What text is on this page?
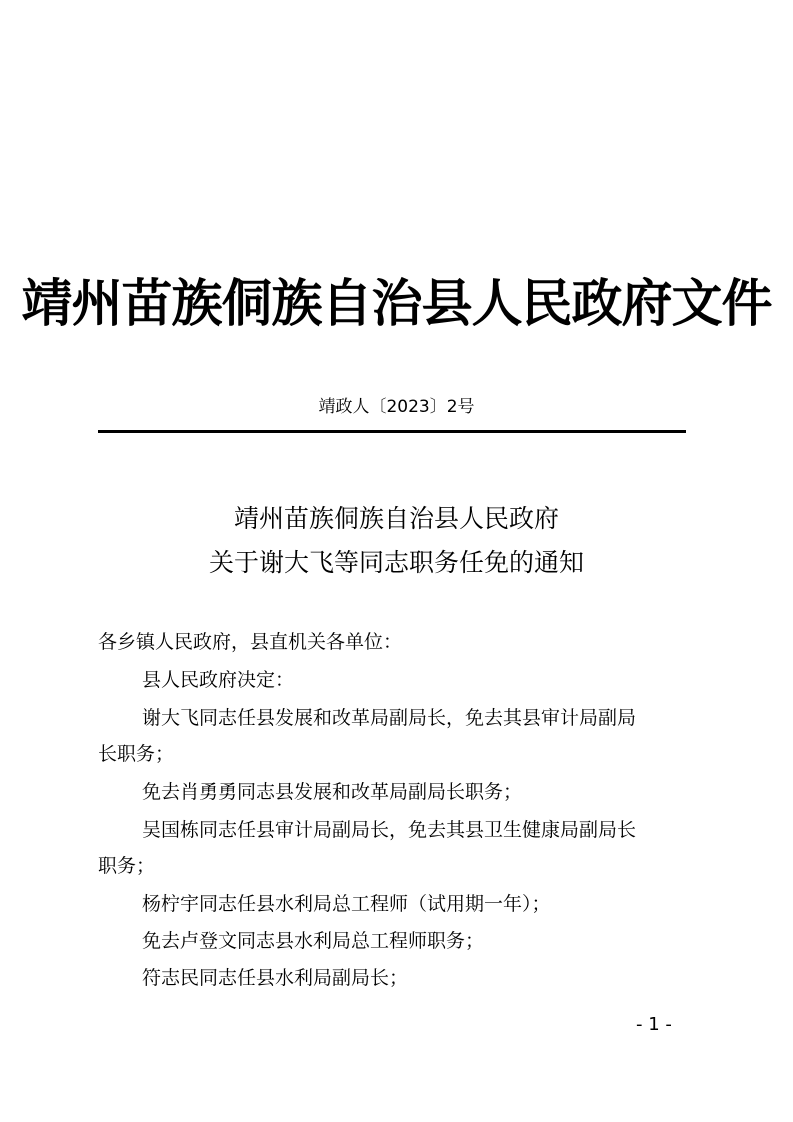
靖州苗族侗族自治县人民政府文件
靖政人〔2023〕2号
靖州苗族侗族自治县人民政府
关于谢大飞等同志职务任免的通知
各乡镇人民政府，县直机关各单位：
县人民政府决定：
谢大飞同志任县发展和改革局副局长，免去其县审计局副局
长职务；
免去肖勇勇同志县发展和改革局副局长职务；
吴国栋同志任县审计局副局长，免去其县卫生健康局副局长
职务；
杨柠宇同志任县水利局总工程师（试用期一年）；
免去卢登文同志县水利局总工程师职务；
符志民同志任县水利局副局长；
- 1 -
